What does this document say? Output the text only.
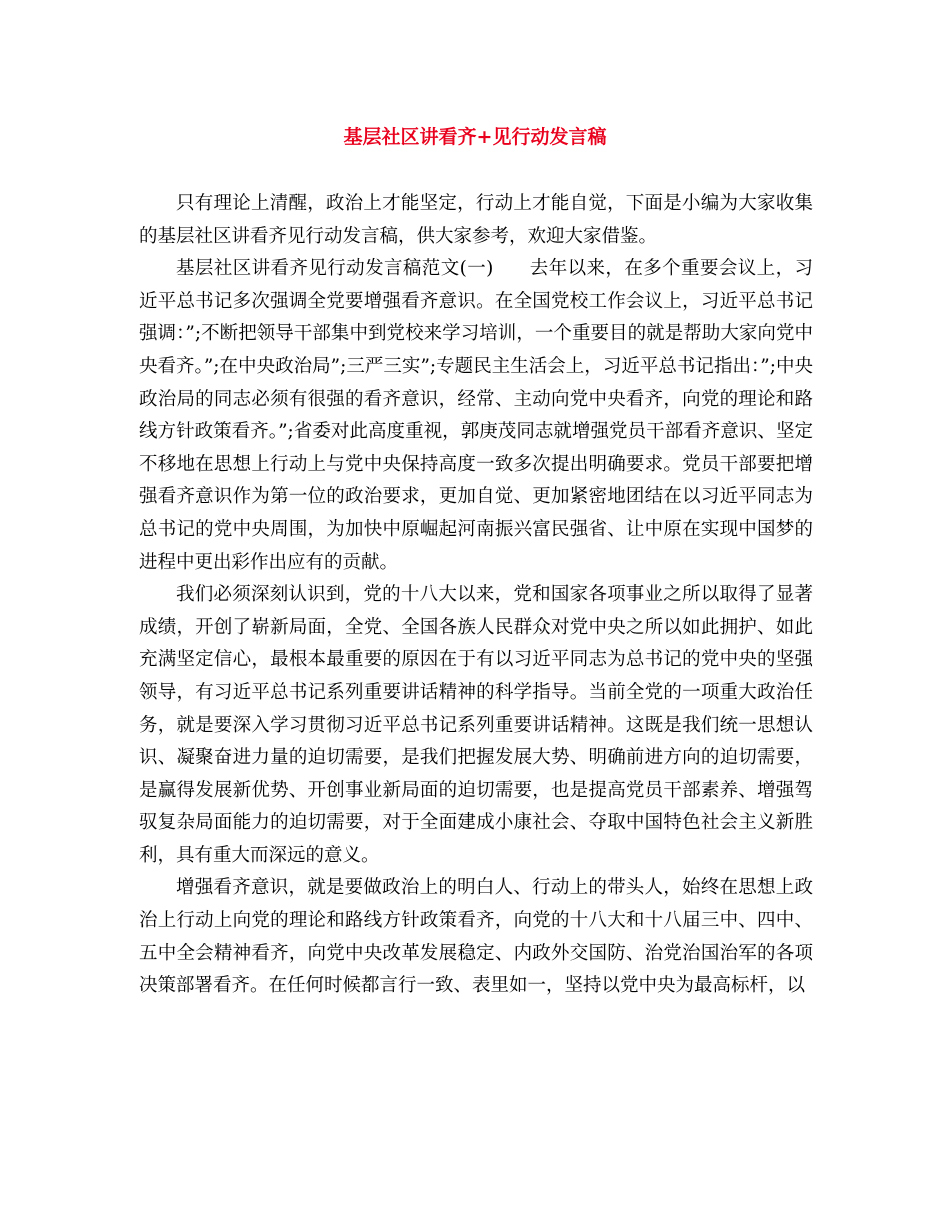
基层社区讲看齐+见行动发言稿

只有理论上清醒，政治上才能坚定，行动上才能自觉，下面是小编为大家收集的基层社区讲看齐见行动发言稿，供大家参考，欢迎大家借鉴。

基层社区讲看齐见行动发言稿范文(一) 去年以来，在多个重要会议上，习近平总书记多次强调全党要增强看齐意识。在全国党校工作会议上，习近平总书记强调：”;不断把领导干部集中到党校来学习培训，一个重要目的就是帮助大家向党中央看齐。”;在中央政治局”;三严三实”;专题民主生活会上，习近平总书记指出：”;中央政治局的同志必须有很强的看齐意识，经常、主动向党中央看齐，向党的理论和路线方针政策看齐。”;省委对此高度重视，郭庚茂同志就增强党员干部看齐意识、坚定不移地在思想上行动上与党中央保持高度一致多次提出明确要求。党员干部要把增强看齐意识作为第一位的政治要求，更加自觉、更加紧密地团结在以习近平同志为总书记的党中央周围，为加快中原崛起河南振兴富民强省、让中原在实现中国梦的进程中更出彩作出应有的贡献。

我们必须深刻认识到，党的十八大以来，党和国家各项事业之所以取得了显著成绩，开创了崭新局面，全党、全国各族人民群众对党中央之所以如此拥护、如此充满坚定信心，最根本最重要的原因在于有以习近平同志为总书记的党中央的坚强领导，有习近平总书记系列重要讲话精神的科学指导。当前全党的一项重大政治任务，就是要深入学习贯彻习近平总书记系列重要讲话精神。这既是我们统一思想认识、凝聚奋进力量的迫切需要，是我们把握发展大势、明确前进方向的迫切需要，是赢得发展新优势、开创事业新局面的迫切需要，也是提高党员干部素养、增强驾驭复杂局面能力的迫切需要，对于全面建成小康社会、夺取中国特色社会主义新胜利，具有重大而深远的意义。

增强看齐意识，就是要做政治上的明白人、行动上的带头人，始终在思想上政治上行动上向党的理论和路线方针政策看齐，向党的十八大和十八届三中、四中、五中全会精神看齐，向党中央改革发展稳定、内政外交国防、治党治国治军的各项决策部署看齐。在任何时候都言行一致、表里如一，坚持以党中央为最高标杆，以
